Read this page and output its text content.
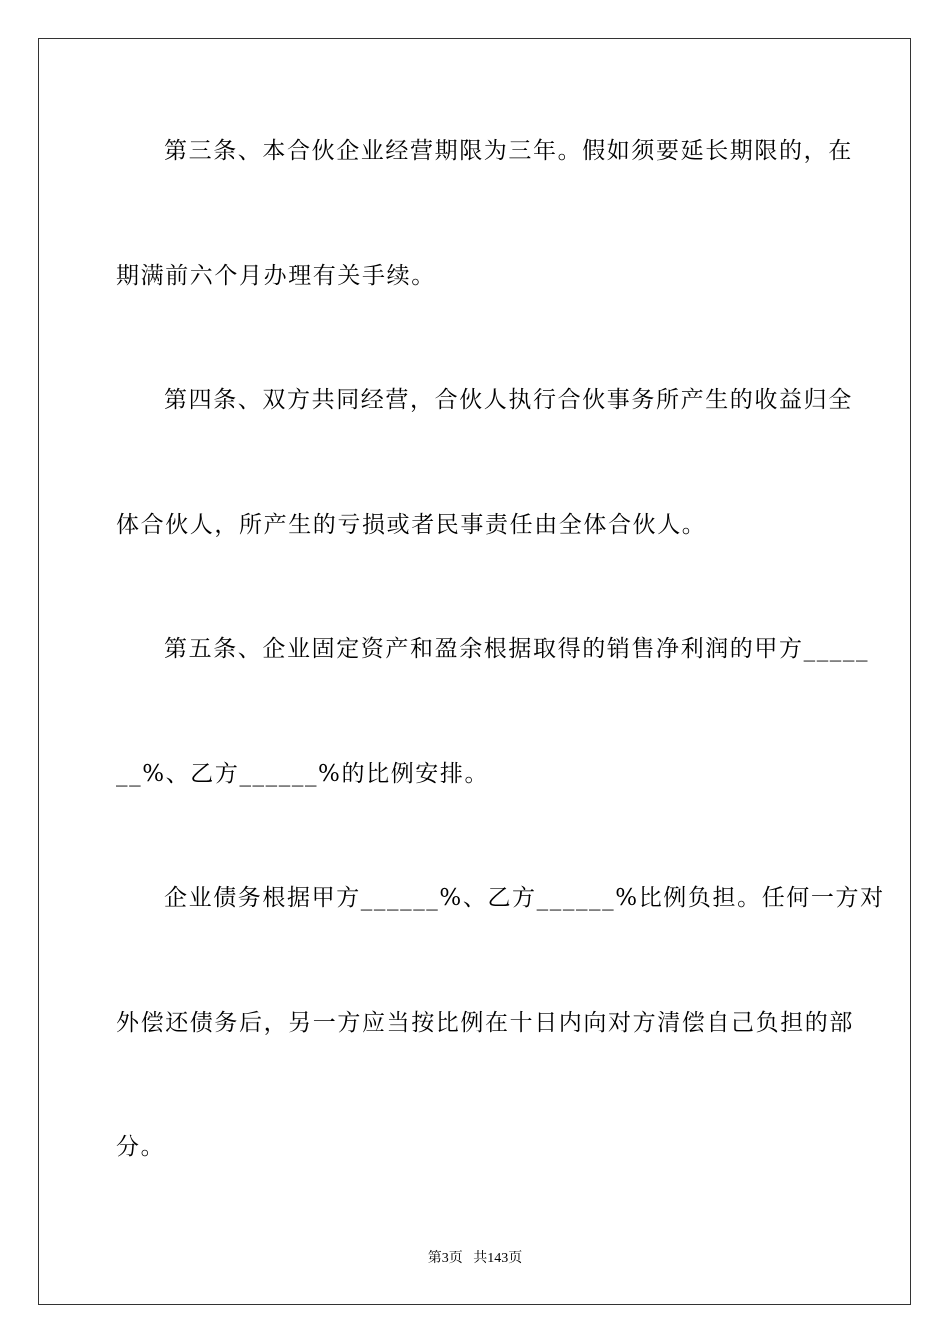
第三条、本合伙企业经营期限为三年。假如须要延长期限的，在
期满前六个月办理有关手续。
第四条、双方共同经营，合伙人执行合伙事务所产生的收益归全
体合伙人，所产生的亏损或者民事责任由全体合伙人。
第五条、企业固定资产和盈余根据取得的销售净利润的甲方_____
__%、乙方______%的比例安排。
企业债务根据甲方______%、乙方______%比例负担。任何一方对
外偿还债务后，另一方应当按比例在十日内向对方清偿自己负担的部
分。
第3页 共143页
